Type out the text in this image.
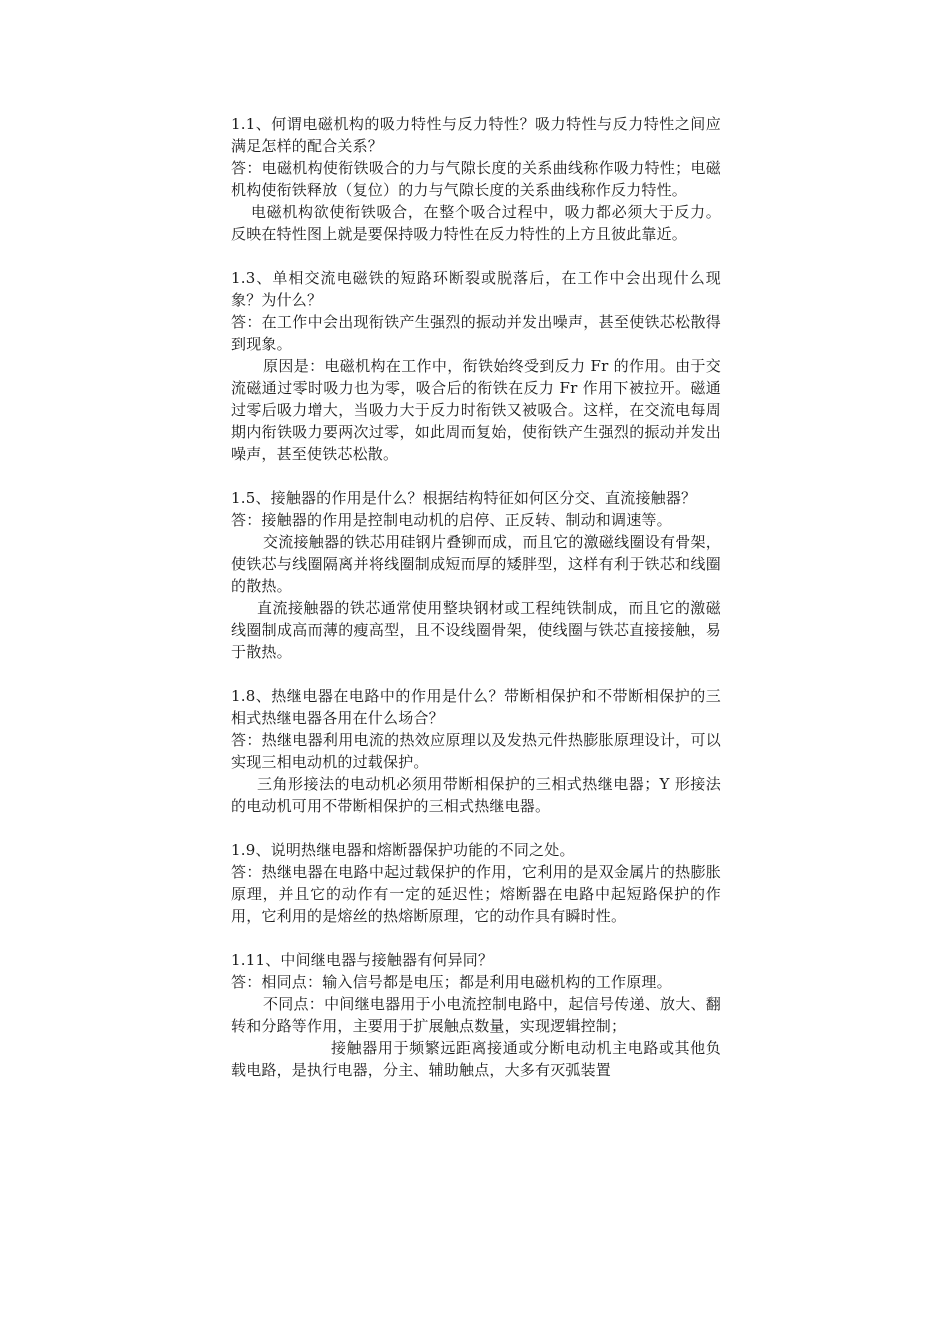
1.1、何谓电磁机构的吸力特性与反力特性？吸力特性与反力特性之间应满足怎样的配合关系？

答：电磁机构使衔铁吸合的力与气隙长度的关系曲线称作吸力特性；电磁机构使衔铁释放（复位）的力与气隙长度的关系曲线称作反力特性。

电磁机构欲使衔铁吸合，在整个吸合过程中，吸力都必须大于反力。反映在特性图上就是要保持吸力特性在反力特性的上方且彼此靠近。

1.3、单相交流电磁铁的短路环断裂或脱落后，在工作中会出现什么现象？为什么？

答：在工作中会出现衔铁产生强烈的振动并发出噪声，甚至使铁芯松散得到现象。

原因是：电磁机构在工作中，衔铁始终受到反力 Fr 的作用。由于交流磁通过零时吸力也为零，吸合后的衔铁在反力 Fr 作用下被拉开。磁通过零后吸力增大，当吸力大于反力时衔铁又被吸合。这样，在交流电每周期内衔铁吸力要两次过零，如此周而复始，使衔铁产生强烈的振动并发出噪声，甚至使铁芯松散。

1.5、接触器的作用是什么？根据结构特征如何区分交、直流接触器？

答：接触器的作用是控制电动机的启停、正反转、制动和调速等。

交流接触器的铁芯用硅钢片叠铆而成，而且它的激磁线圈设有骨架，使铁芯与线圈隔离并将线圈制成短而厚的矮胖型，这样有利于铁芯和线圈的散热。

直流接触器的铁芯通常使用整块钢材或工程纯铁制成，而且它的激磁线圈制成高而薄的瘦高型，且不设线圈骨架，使线圈与铁芯直接接触，易于散热。

1.8、热继电器在电路中的作用是什么？带断相保护和不带断相保护的三相式热继电器各用在什么场合？

答：热继电器利用电流的热效应原理以及发热元件热膨胀原理设计，可以实现三相电动机的过载保护。

三角形接法的电动机必须用带断相保护的三相式热继电器；Y 形接法的电动机可用不带断相保护的三相式热继电器。

1.9、说明热继电器和熔断器保护功能的不同之处。

答：热继电器在电路中起过载保护的作用，它利用的是双金属片的热膨胀原理，并且它的动作有一定的延迟性；熔断器在电路中起短路保护的作用，它利用的是熔丝的热熔断原理，它的动作具有瞬时性。

1.11、中间继电器与接触器有何异同？

答：相同点：输入信号都是电压；都是利用电磁机构的工作原理。

不同点：中间继电器用于小电流控制电路中，起信号传递、放大、翻转和分路等作用，主要用于扩展触点数量，实现逻辑控制；

接触器用于频繁远距离接通或分断电动机主电路或其他负载电路，是执行电器，分主、辅助触点，大多有灭弧装置
